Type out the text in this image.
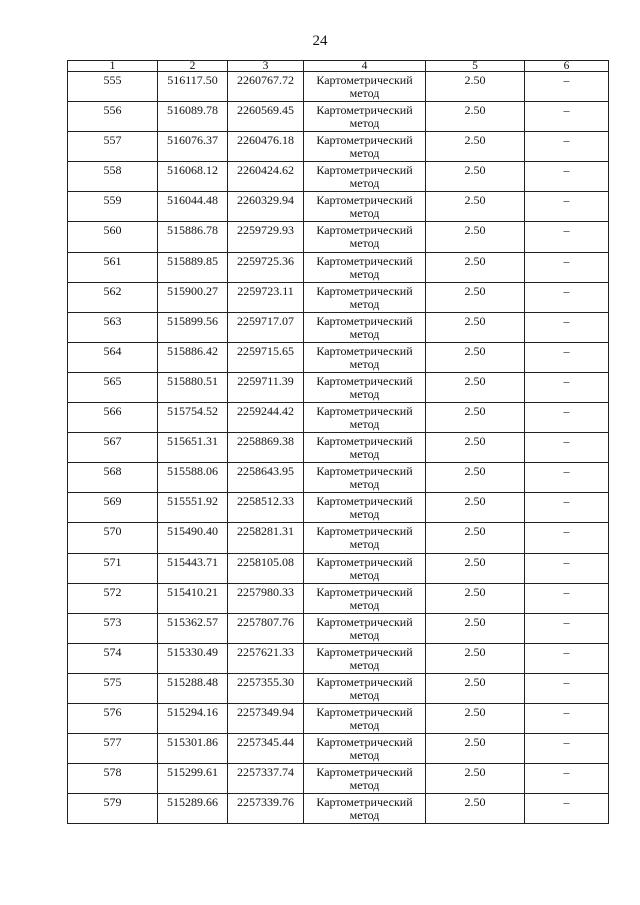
24
1	2	3	4	5	6
555	516117.50	2260767.72	Картометрический метод	2.50	–
556	516089.78	2260569.45	Картометрический метод	2.50	–
557	516076.37	2260476.18	Картометрический метод	2.50	–
558	516068.12	2260424.62	Картометрический метод	2.50	–
559	516044.48	2260329.94	Картометрический метод	2.50	–
560	515886.78	2259729.93	Картометрический метод	2.50	–
561	515889.85	2259725.36	Картометрический метод	2.50	–
562	515900.27	2259723.11	Картометрический метод	2.50	–
563	515899.56	2259717.07	Картометрический метод	2.50	–
564	515886.42	2259715.65	Картометрический метод	2.50	–
565	515880.51	2259711.39	Картометрический метод	2.50	–
566	515754.52	2259244.42	Картометрический метод	2.50	–
567	515651.31	2258869.38	Картометрический метод	2.50	–
568	515588.06	2258643.95	Картометрический метод	2.50	–
569	515551.92	2258512.33	Картометрический метод	2.50	–
570	515490.40	2258281.31	Картометрический метод	2.50	–
571	515443.71	2258105.08	Картометрический метод	2.50	–
572	515410.21	2257980.33	Картометрический метод	2.50	–
573	515362.57	2257807.76	Картометрический метод	2.50	–
574	515330.49	2257621.33	Картометрический метод	2.50	–
575	515288.48	2257355.30	Картометрический метод	2.50	–
576	515294.16	2257349.94	Картометрический метод	2.50	–
577	515301.86	2257345.44	Картометрический метод	2.50	–
578	515299.61	2257337.74	Картометрический метод	2.50	–
579	515289.66	2257339.76	Картометрический метод	2.50	–
